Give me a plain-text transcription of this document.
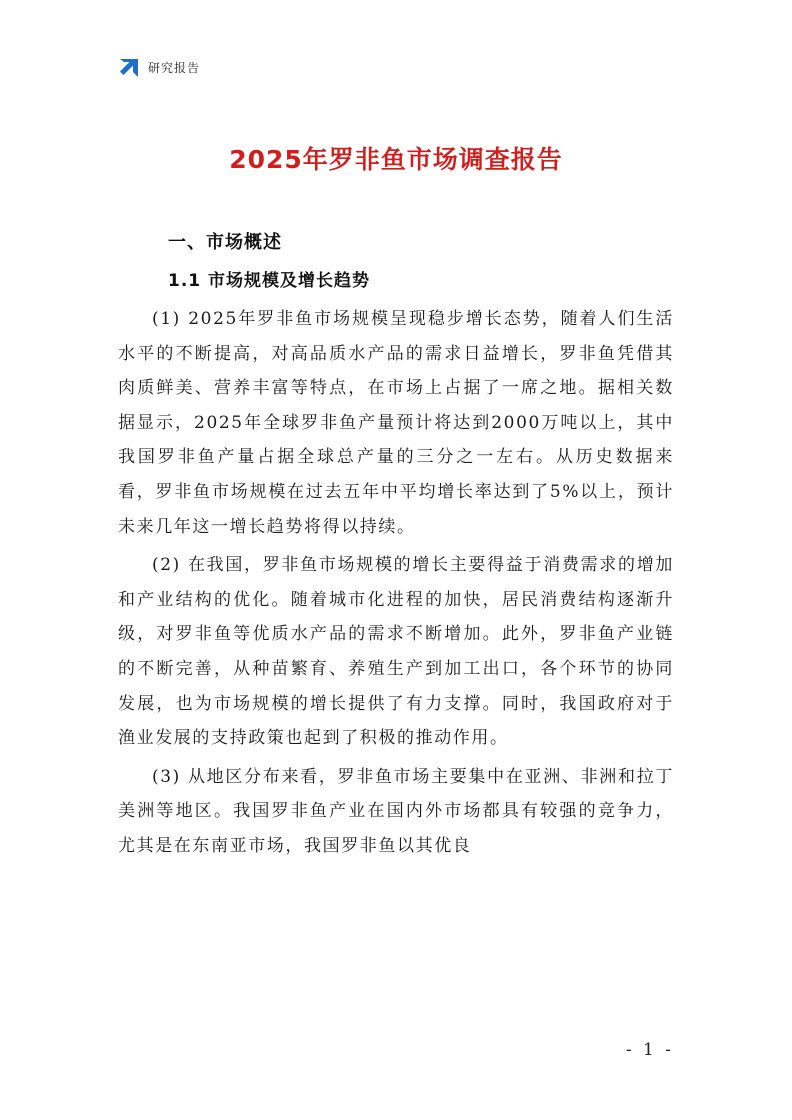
研究报告
2025年罗非鱼市场调查报告
一、市场概述
1.1 市场规模及增长趋势

(1) 2025年罗非鱼市场规模呈现稳步增长态势，随着人们生活水平的不断提高，对高品质水产品的需求日益增长，罗非鱼凭借其肉质鲜美、营养丰富等特点，在市场上占据了一席之地。据相关数据显示，2025年全球罗非鱼产量预计将达到2000万吨以上，其中我国罗非鱼产量占据全球总产量的三分之一左右。从历史数据来看，罗非鱼市场规模在过去五年中平均增长率达到了5%以上，预计未来几年这一增长趋势将得以持续。

(2) 在我国，罗非鱼市场规模的增长主要得益于消费需求的增加和产业结构的优化。随着城市化进程的加快，居民消费结构逐渐升级，对罗非鱼等优质水产品的需求不断增加。此外，罗非鱼产业链的不断完善，从种苗繁育、养殖生产到加工出口，各个环节的协同发展，也为市场规模的增长提供了有力支撑。同时，我国政府对于渔业发展的支持政策也起到了积极的推动作用。

(3) 从地区分布来看，罗非鱼市场主要集中在亚洲、非洲和拉丁美洲等地区。我国罗非鱼产业在国内外市场都具有较强的竞争力，尤其是在东南亚市场，我国罗非鱼以其优良

- 1 -
